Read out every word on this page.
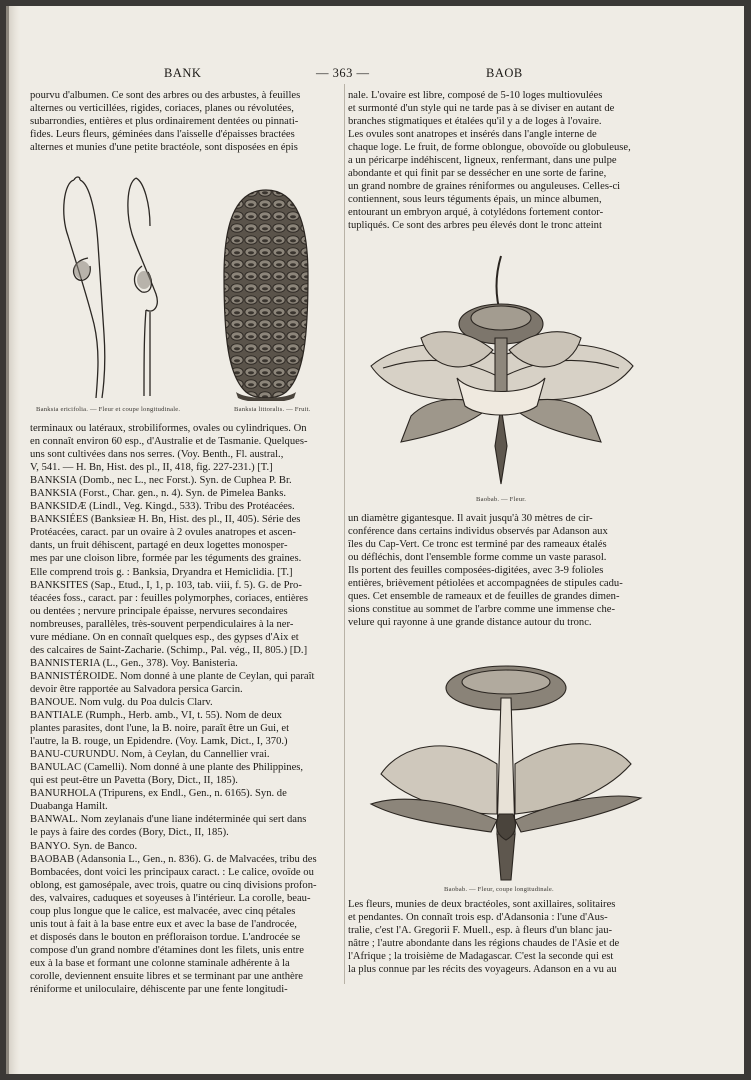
BANK	— 363 —	BAOB

pourvu d'albumen. Ce sont des arbres ou des arbustes, à feuilles

alternes ou verticillées, rigides, coriaces, planes ou révolutées,

subarrondies, entières et plus ordinairement dentées ou pinnati-

fides. Leurs fleurs, géminées dans l'aisselle d'épaisses bractées

alternes et munies d'une petite bractéole, sont disposées en épis

Banksia ericifolia. — Fleur et coupe longitudinale.	Banksia littoralis. — Fruit.

terminaux ou latéraux, strobiliformes, ovales ou cylindriques. On

en connaît environ 60 esp., d'Australie et de Tasmanie. Quelques-

uns sont cultivées dans nos serres. (Voy. Benth., Fl. austral.,

V, 541. — H. Bn, Hist. des pl., II, 418, fig. 227-231.) [T.]

BANKSIA (Domb., nec L., nec Forst.). Syn. de Cuphea P. Br.

BANKSIA (Forst., Char. gen., n. 4). Syn. de Pimelea Banks.

BANKSIDÆ (Lindl., Veg. Kingd., 533). Tribu des Protéacées.

BANKSIÉES (Banksieæ H. Bn, Hist. des pl., II, 405). Série des

Protéacées, caract. par un ovaire à 2 ovules anatropes et ascen-

dants, un fruit déhiscent, partagé en deux logettes monosper-

mes par une cloison libre, formée par les téguments des graines.

Elle comprend trois g. : Banksia, Dryandra et Hemiclidia. [T.]

BANKSITES (Sap., Etud., I, 1, p. 103, tab. viii, f. 5). G. de Pro-

téacées foss., caract. par : feuilles polymorphes, coriaces, entières

ou dentées ; nervure principale épaisse, nervures secondaires

nombreuses, parallèles, très-souvent perpendiculaires à la ner-

vure médiane. On en connaît quelques esp., des gypses d'Aix et

des calcaires de Saint-Zacharie. (Schimp., Pal. vég., II, 805.) [D.]

BANNISTERIA (L., Gen., 378). Voy. Banisteria.

BANNISTÉROIDE. Nom donné à une plante de Ceylan, qui paraît

devoir être rapportée au Salvadora persica Garcin.

BANOUE. Nom vulg. du Poa dulcis Clarv.

BANTIALE (Rumph., Herb. amb., VI, t. 55). Nom de deux

plantes parasites, dont l'une, la B. noire, paraît être un Gui, et

l'autre, la B. rouge, un Epidendre. (Voy. Lamk, Dict., I, 370.)

BANU-CURUNDU. Nom, à Ceylan, du Cannellier vrai.

BANULAC (Camelli). Nom donné à une plante des Philippines,

qui est peut-être un Pavetta (Bory, Dict., II, 185).

BANURHOLA (Tripurens, ex Endl., Gen., n. 6165). Syn. de

Duabanga Hamilt.

BANWAL. Nom zeylanais d'une liane indéterminée qui sert dans

le pays à faire des cordes (Bory, Dict., II, 185).

BANYO. Syn. de Banco.

BAOBAB (Adansonia L., Gen., n. 836). G. de Malvacées, tribu des

Bombacées, dont voici les principaux caract. : Le calice, ovoïde ou

oblong, est gamosépale, avec trois, quatre ou cinq divisions profon-

des, valvaires, caduques et soyeuses à l'intérieur. La corolle, beau-

coup plus longue que le calice, est malvacée, avec cinq pétales

unis tout à fait à la base entre eux et avec la base de l'androcée,

et disposés dans le bouton en préfloraison tordue. L'androcée se

compose d'un grand nombre d'étamines dont les filets, unis entre

eux à la base et formant une colonne staminale adhérente à la

corolle, deviennent ensuite libres et se terminant par une anthère

réniforme et uniloculaire, déhiscente par une fente longitudi-

nale. L'ovaire est libre, composé de 5-10 loges multiovulées

et surmonté d'un style qui ne tarde pas à se diviser en autant de

branches stigmatiques et étalées qu'il y a de loges à l'ovaire.

Les ovules sont anatropes et insérés dans l'angle interne de

chaque loge. Le fruit, de forme oblongue, obovoïde ou globuleuse,

a un péricarpe indéhiscent, ligneux, renfermant, dans une pulpe

abondante et qui finit par se dessécher en une sorte de farine,

un grand nombre de graines réniformes ou anguleuses. Celles-ci

contiennent, sous leurs téguments épais, un mince albumen,

entourant un embryon arqué, à cotylédons fortement contor-

tupliqués. Ce sont des arbres peu élevés dont le tronc atteint

Baobab. — Fleur.

un diamètre gigantesque. Il avait jusqu'à 30 mètres de cir-

conférence dans certains individus observés par Adanson aux

îles du Cap-Vert. Ce tronc est terminé par des rameaux étalés

ou défléchis, dont l'ensemble forme comme un vaste parasol.

Ils portent des feuilles composées-digitées, avec 3-9 folioles

entières, brièvement pétiolées et accompagnées de stipules cadu-

ques. Cet ensemble de rameaux et de feuilles de grandes dimen-

sions constitue au sommet de l'arbre comme une immense che-

velure qui rayonne à une grande distance autour du tronc.

Baobab. — Fleur, coupe longitudinale.

Les fleurs, munies de deux bractéoles, sont axillaires, solitaires

et pendantes. On connaît trois esp. d'Adansonia : l'une d'Aus-

tralie, c'est l'A. Gregorii F. Muell., esp. à fleurs d'un blanc jau-

nâtre ; l'autre abondante dans les régions chaudes de l'Asie et de

l'Afrique ; la troisième de Madagascar. C'est la seconde qui est

la plus connue par les récits des voyageurs. Adanson en a vu au
